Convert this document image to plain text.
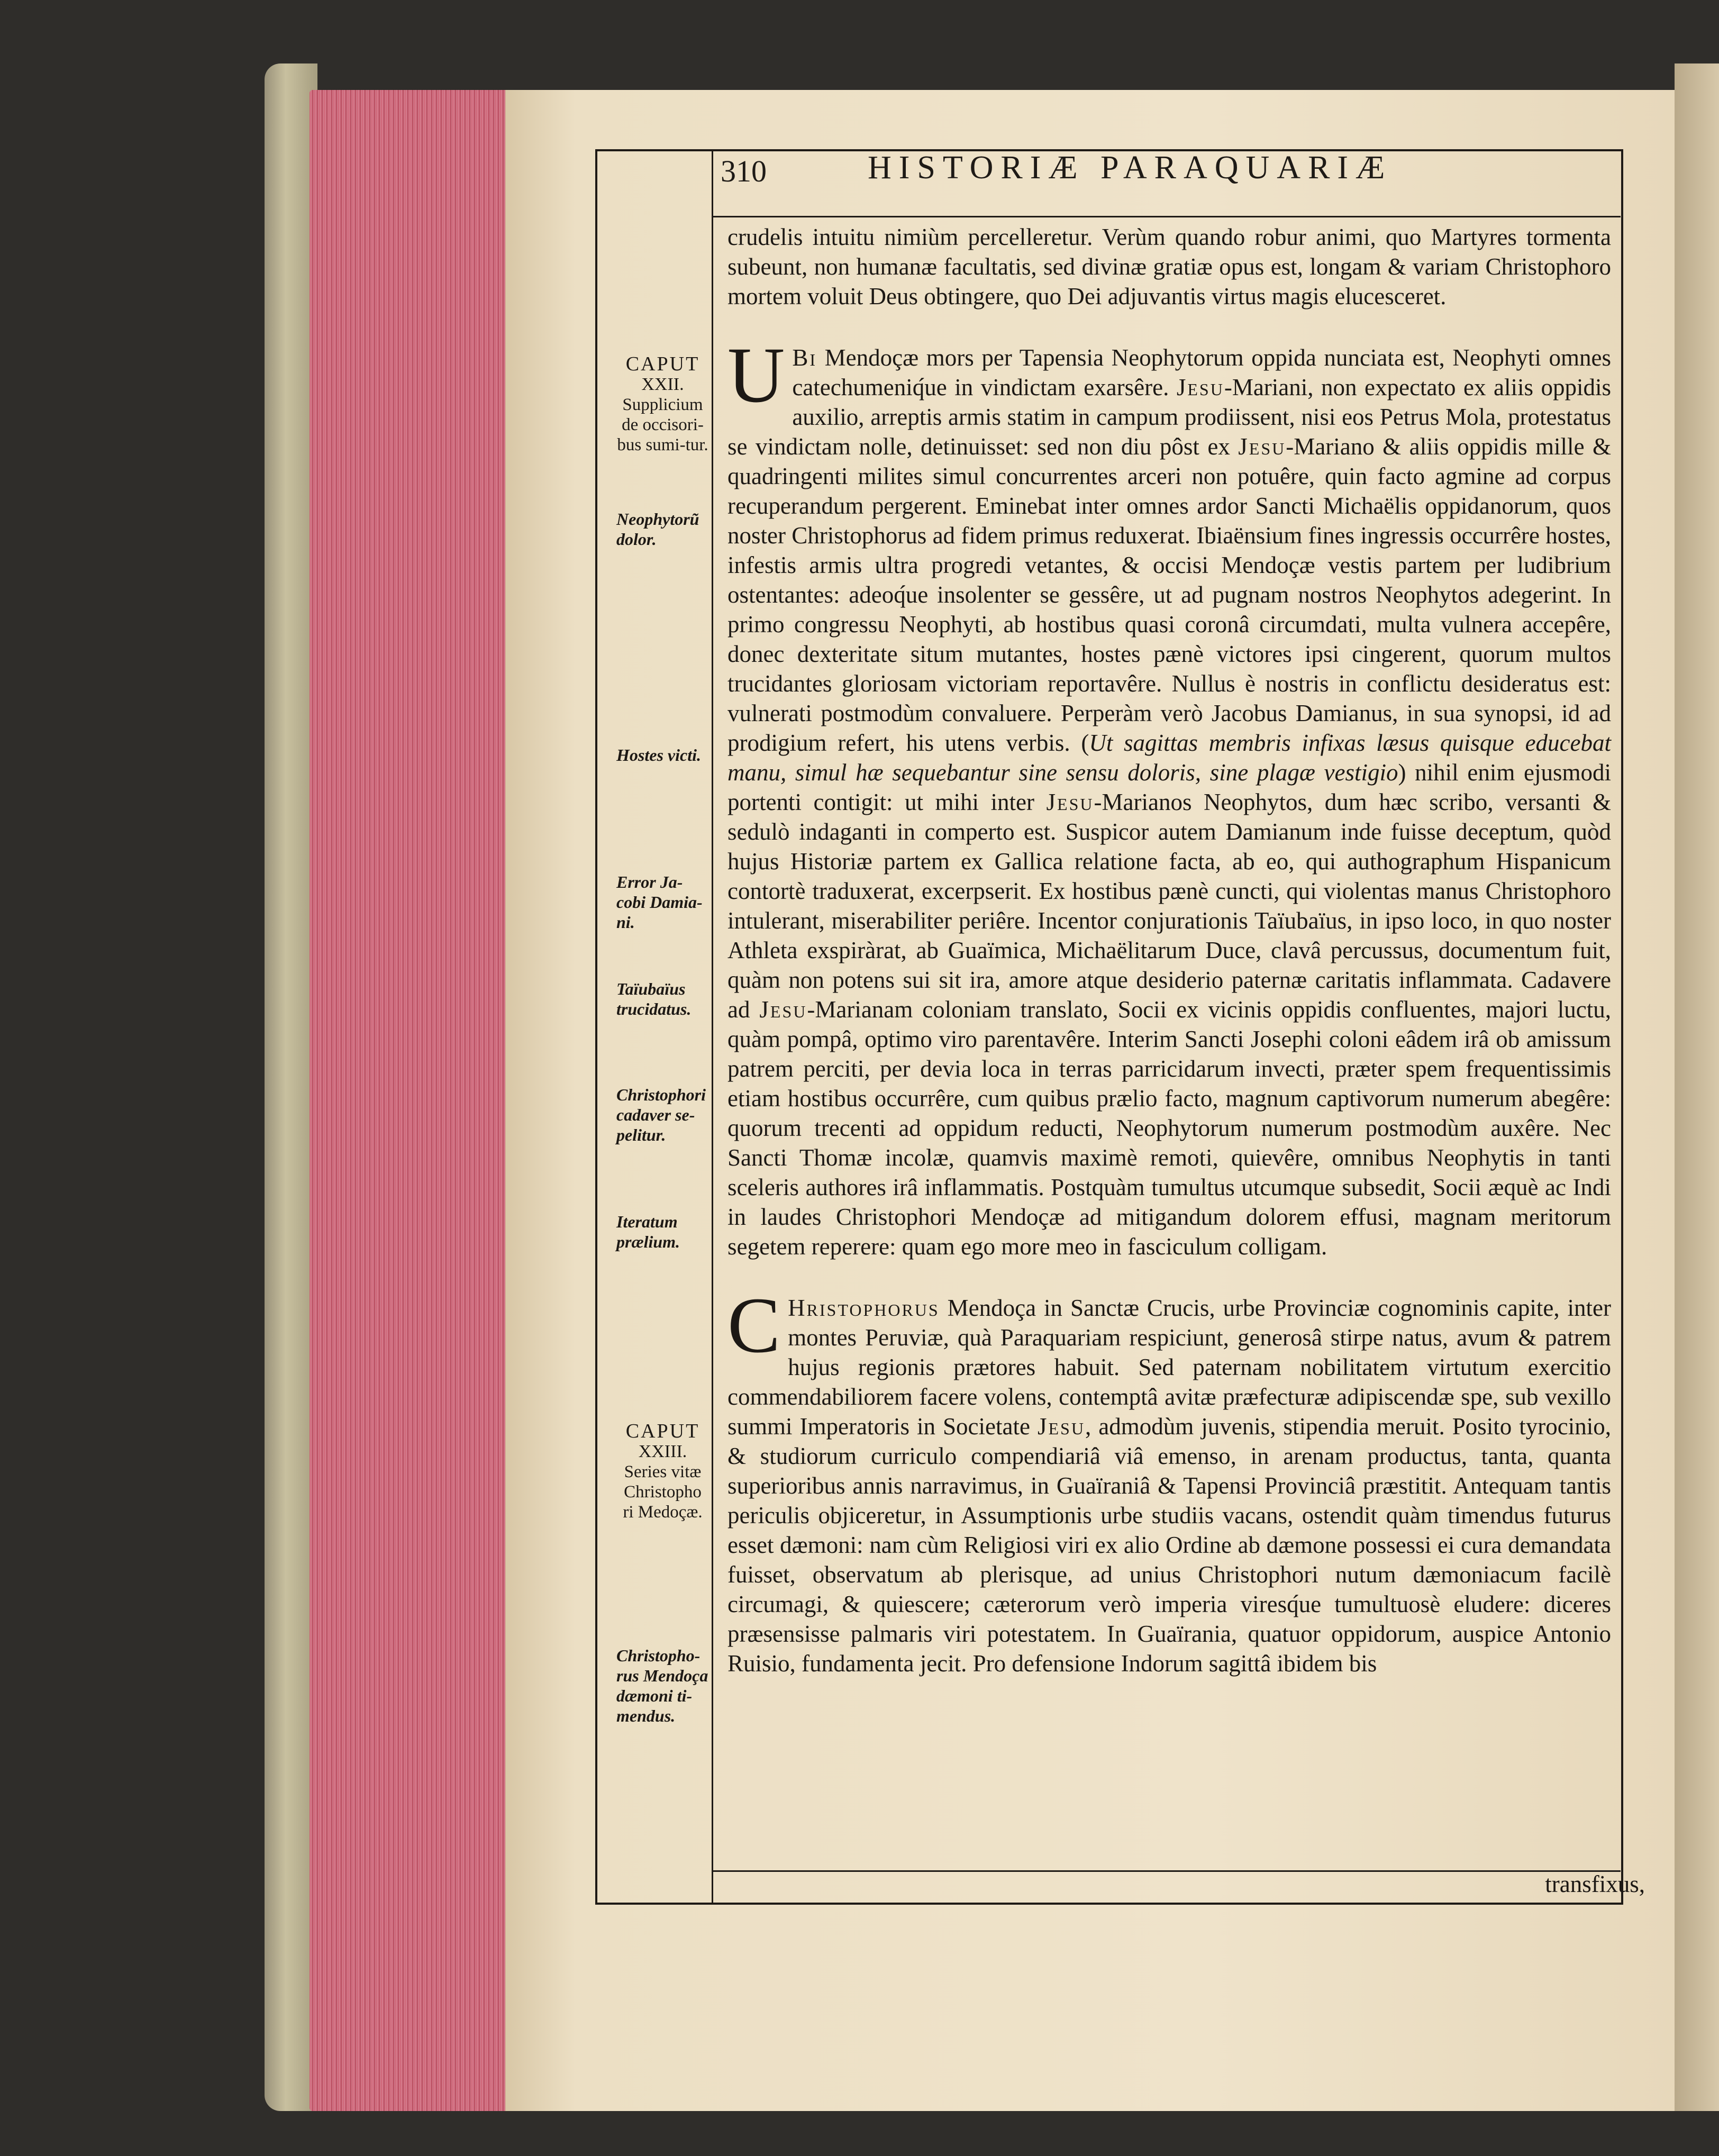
310	HISTORIÆ PARAQUARIÆ
CAPUT
XXII.
Supplicium de occisori-bus sumi-tur.
Neophytorũ dolor.
Hostes victi.
Error Ja-cobi Damia-ni.
Taïubaïus trucidatus.
Christophori cadaver se-pelitur.
Iteratum prælium.
CAPUT
XXIII.
Series vitæ Christopho ri Medoçæ.
Christopho-rus Mendoça dæmoni ti-mendus.

crudelis intuitu nimiùm percelleretur. Verùm quando robur animi, quo Martyres tormenta subeunt, non humanæ facultatis, sed divinæ gratiæ opus est, longam & variam Christophoro mortem voluit Deus obtingere, quo Dei adjuvantis virtus magis elucesceret.

U Bi Mendoçæ mors per Tapensia Neophytorum oppida nunciata est, Neophyti omnes catechumeniq́ue in vindictam exarsêre. Jesu-Mariani, non expectato ex aliis oppidis auxilio, arreptis armis statim in campum prodiissent, nisi eos Petrus Mola, protestatus se vindictam nolle, detinuisset: sed non diu pôst ex Jesu-Mariano & aliis oppidis mille & quadringenti milites simul concurrentes arceri non potuêre, quin facto agmine ad corpus recuperandum pergerent. Eminebat inter omnes ardor Sancti Michaëlis oppidanorum, quos noster Christophorus ad fidem primus reduxerat. Ibiaënsium fines ingressis occurrêre hostes, infestis armis ultra progredi vetantes, & occisi Mendoçæ vestis partem per ludibrium ostentantes: adeoq́ue insolenter se gessêre, ut ad pugnam nostros Neophytos adegerint. In primo congressu Neophyti, ab hostibus quasi coronâ circumdati, multa vulnera accepêre, donec dexteritate situm mutantes, hostes pænè victores ipsi cingerent, quorum multos trucidantes gloriosam victoriam reportavêre. Nullus è nostris in conflictu desideratus est: vulnerati postmodùm convaluere. Perperàm verò Jacobus Damianus, in sua synopsi, id ad prodigium refert, his utens verbis. (Ut sagittas membris infixas læsus quisque educebat manu, simul hæ sequebantur sine sensu doloris, sine plagæ vestigio) nihil enim ejusmodi portenti contigit: ut mihi inter Jesu-Marianos Neophytos, dum hæc scribo, versanti & sedulò indaganti in comperto est. Suspicor autem Damianum inde fuisse deceptum, quòd hujus Historiæ partem ex Gallica relatione facta, ab eo, qui authographum Hispanicum contortè traduxerat, excerpserit. Ex hostibus pænè cuncti, qui violentas manus Christophoro intulerant, miserabiliter periêre. Incentor conjurationis Taïubaïus, in ipso loco, in quo noster Athleta exspiràrat, ab Guaïmica, Michaëlitarum Duce, clavâ percussus, documentum fuit, quàm non potens sui sit ira, amore atque desiderio paternæ caritatis inflammata. Cadavere ad Jesu-Marianam coloniam translato, Socii ex vicinis oppidis confluentes, majori luctu, quàm pompâ, optimo viro parentavêre. Interim Sancti Josephi coloni eâdem irâ ob amissum patrem perciti, per devia loca in terras parricidarum invecti, præter spem frequentissimis etiam hostibus occurrêre, cum quibus prælio facto, magnum captivorum numerum abegêre: quorum trecenti ad oppidum reducti, Neophytorum numerum postmodùm auxêre. Nec Sancti Thomæ incolæ, quamvis maximè remoti, quievêre, omnibus Neophytis in tanti sceleris authores irâ inflammatis. Postquàm tumultus utcumque subsedit, Socii æquè ac Indi in laudes Christophori Mendoçæ ad mitigandum dolorem effusi, magnam meritorum segetem reperere: quam ego more meo in fasciculum colligam.

C Hristophorus Mendoça in Sanctæ Crucis, urbe Provinciæ cognominis capite, inter montes Peruviæ, quà Paraquariam respiciunt, generosâ stirpe natus, avum & patrem hujus regionis prætores habuit. Sed paternam nobilitatem virtutum exercitio commendabiliorem facere volens, contemptâ avitæ præfecturæ adipiscendæ spe, sub vexillo summi Imperatoris in Societate Jesu, admodùm juvenis, stipendia meruit. Posito tyrocinio, & studiorum curriculo compendiariâ viâ emenso, in arenam productus, tanta, quanta superioribus annis narravimus, in Guaïraniâ & Tapensi Provinciâ præstitit. Antequam tantis periculis objiceretur, in Assumptionis urbe studiis vacans, ostendit quàm timendus futurus esset dæmoni: nam cùm Religiosi viri ex alio Ordine ab dæmone possessi ei cura demandata fuisset, observatum ab plerisque, ad unius Christophori nutum dæmoniacum facilè circumagi, & quiescere; cæterorum verò imperia viresq́ue tumultuosè eludere: diceres præsensisse palmaris viri potestatem. In Guaïrania, quatuor oppidorum, auspice Antonio Ruisio, fundamenta jecit. Pro defensione Indorum sagittâ ibidem bis

transfixus,
